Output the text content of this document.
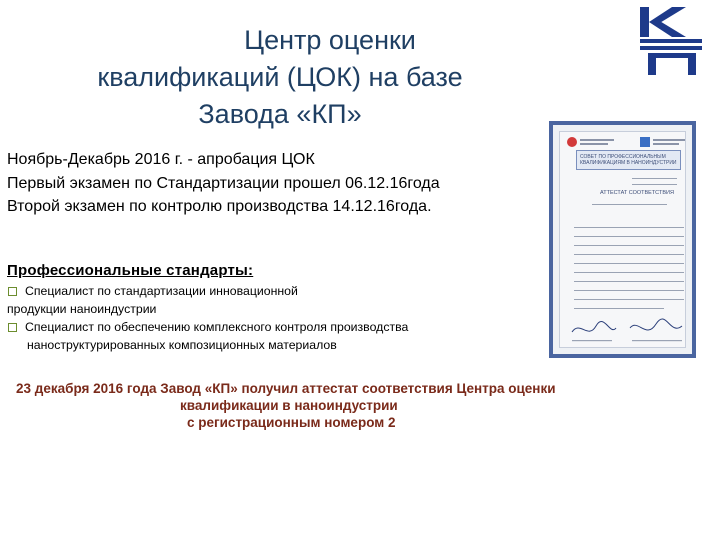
Центр оценки
квалификаций (ЦОК) на базе
Завода «КП»
Ноябрь-Декабрь 2016 г. - апробация ЦОК
Первый экзамен по Стандартизации прошел 06.12.16года
Второй экзамен по контролю производства 14.12.16года.
Профессиональные стандарты:
Специалист по стандартизации инновационной
продукции наноиндустрии
Специалист по обеспечению комплексного контроля производства
наноструктурированных композиционных материалов
СОВЕТ ПО ПРОФЕССИОНАЛЬНЫМ КВАЛИФИКАЦИЯМ В НАНОИНДУСТРИИ
АТТЕСТАТ СООТВЕТСТВИЯ
23 декабря 2016 года Завод «КП» получил аттестат соответствия Центра оценки
квалификации в наноиндустрии
с регистрационным номером 2
